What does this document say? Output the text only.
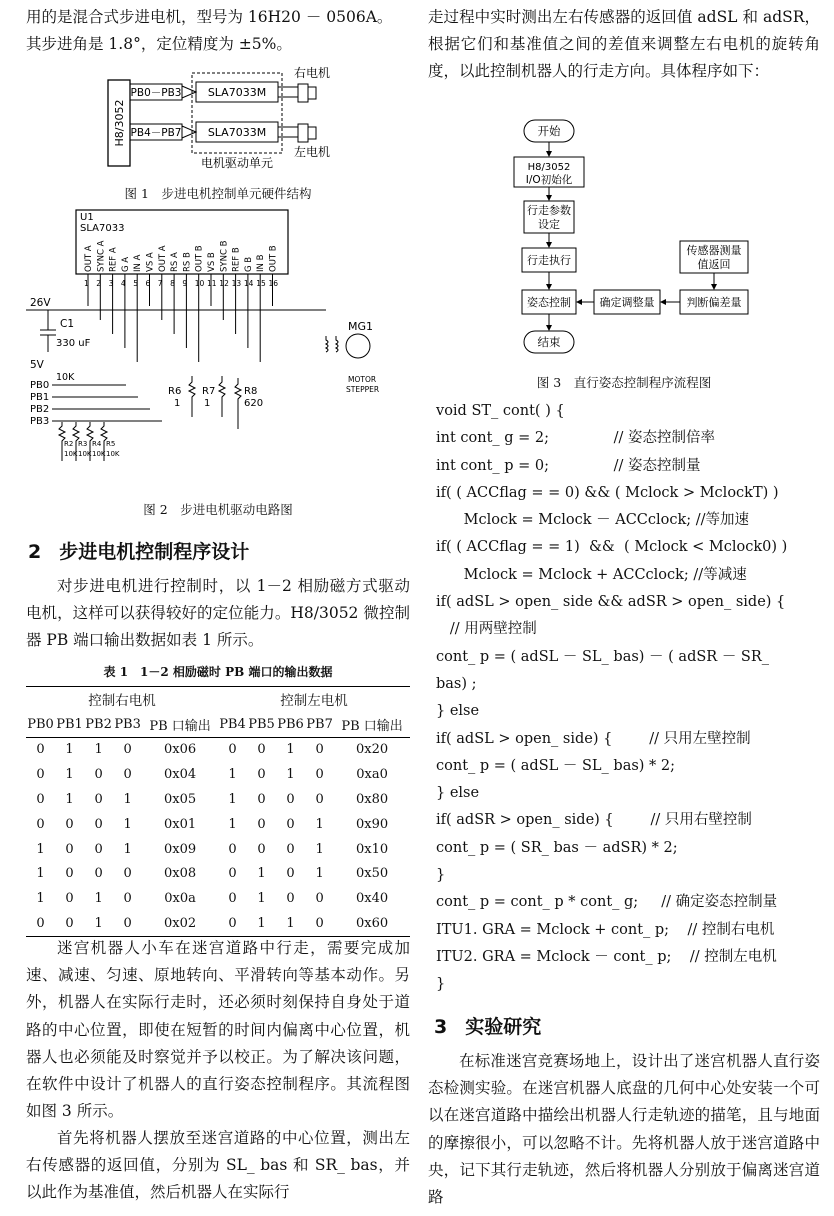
用的是混合式步进电机，型号为 16H20 － 0506A。

其步进角是 1.8°，定位精度为 ±5%。

H8/3052
SLA7033M
SLA7033M
PB0－PB3
PB4－PB7
右电机
左电机
电机驱动单元

图 1　步进电机控制单元硬件结构

U1
SLA7033
OUT A
1
SYNC A
2
REF A
3
G A
4
IN A
5
VS A
6
OUT A
7
RS A
8
RS B
9
OUT B
10
VS B
11
SYNC B
12
REF B
13
G B
14
IN B
15
OUT B
16
26V
C1
330 uF
5V
10K
PB0
PB1
PB2
PB3
R6
1
R7
1
R8
620
R2
10K
R3
10K
R4
10K
R5
10K
MG1
MOTOR
STEPPER

图 2　步进电机驱动电路图

2 步进电机控制程序设计

对步进电机进行控制时，以 1－2 相励磁方式驱动电机，这样可以获得较好的定位能力。H8/3052 微控制器 PB 端口输出数据如表 1 所示。

表 1　1－2 相励磁时 PB 端口的输出数据

控制右电机					控制左电机				
PB0	PB1	PB2	PB3	PB 口输出	PB4	PB5	PB6	PB7	PB 口输出
0	1	1	0	0x06	0	0	1	0	0x20
0	1	0	0	0x04	1	0	1	0	0xa0
0	1	0	1	0x05	1	0	0	0	0x80
0	0	0	1	0x01	1	0	0	1	0x90
1	0	0	1	0x09	0	0	0	1	0x10
1	0	0	0	0x08	0	1	0	1	0x50
1	0	1	0	0x0a	0	1	0	0	0x40
0	0	1	0	0x02	0	1	1	0	0x60

迷宫机器人小车在迷宫道路中行走，需要完成加速、减速、匀速、原地转向、平滑转向等基本动作。另外，机器人在实际行走时，还必须时刻保持自身处于道路的中心位置，即使在短暂的时间内偏离中心位置，机器人也必须能及时察觉并予以校正。为了解决该问题，在软件中设计了机器人的直行姿态控制程序。其流程图如图 3 所示。

首先将机器人摆放至迷宫道路的中心位置，测出左右传感器的返回值，分别为 SL_ bas 和 SR_ bas，并以此作为基准值，然后机器人在实际行

走过程中实时测出左右传感器的返回值 adSL 和 adSR，根据它们和基准值之间的差值来调整左右电机的旋转角度，以此控制机器人的行走方向。具体程序如下：

开始
H8/3052
I/O初始化
行走参数
设定
行走执行
姿态控制	确定调整量	判断偏差量
传感器测量
值返回
结束

图 3　直行姿态控制程序流程图

void ST_ cont( ) {
int cont_ g = 2;              // 姿态控制倍率
int cont_ p = 0;              // 姿态控制量
if( ( ACCflag = = 0) && ( Mclock > MclockT) )
Mclock = Mclock － ACCclock; //等加速
if( ( ACCflag = = 1)  &&  ( Mclock < Mclock0) )
Mclock = Mclock + ACCclock; //等减速
if( adSL > open_ side && adSR > open_ side) {
// 用两壁控制
cont_ p = ( adSL － SL_ bas) － ( adSR － SR_
bas) ;
} else
if( adSL > open_ side) {        // 只用左壁控制
cont_ p = ( adSL － SL_ bas) * 2;
} else
if( adSR > open_ side) {        // 只用右壁控制
cont_ p = ( SR_ bas － adSR) * 2;
}
cont_ p = cont_ p * cont_ g;     // 确定姿态控制量
ITU1. GRA = Mclock + cont_ p;    // 控制右电机
ITU2. GRA = Mclock － cont_ p;    // 控制左电机
}
3 实验研究

在标准迷宫竞赛场地上，设计出了迷宫机器人直行姿态检测实验。在迷宫机器人底盘的几何中心处安装一个可以在迷宫道路中描绘出机器人行走轨迹的描笔，且与地面的摩擦很小，可以忽略不计。先将机器人放于迷宫道路中央，记下其行走轨迹，然后将机器人分别放于偏离迷宫道路
